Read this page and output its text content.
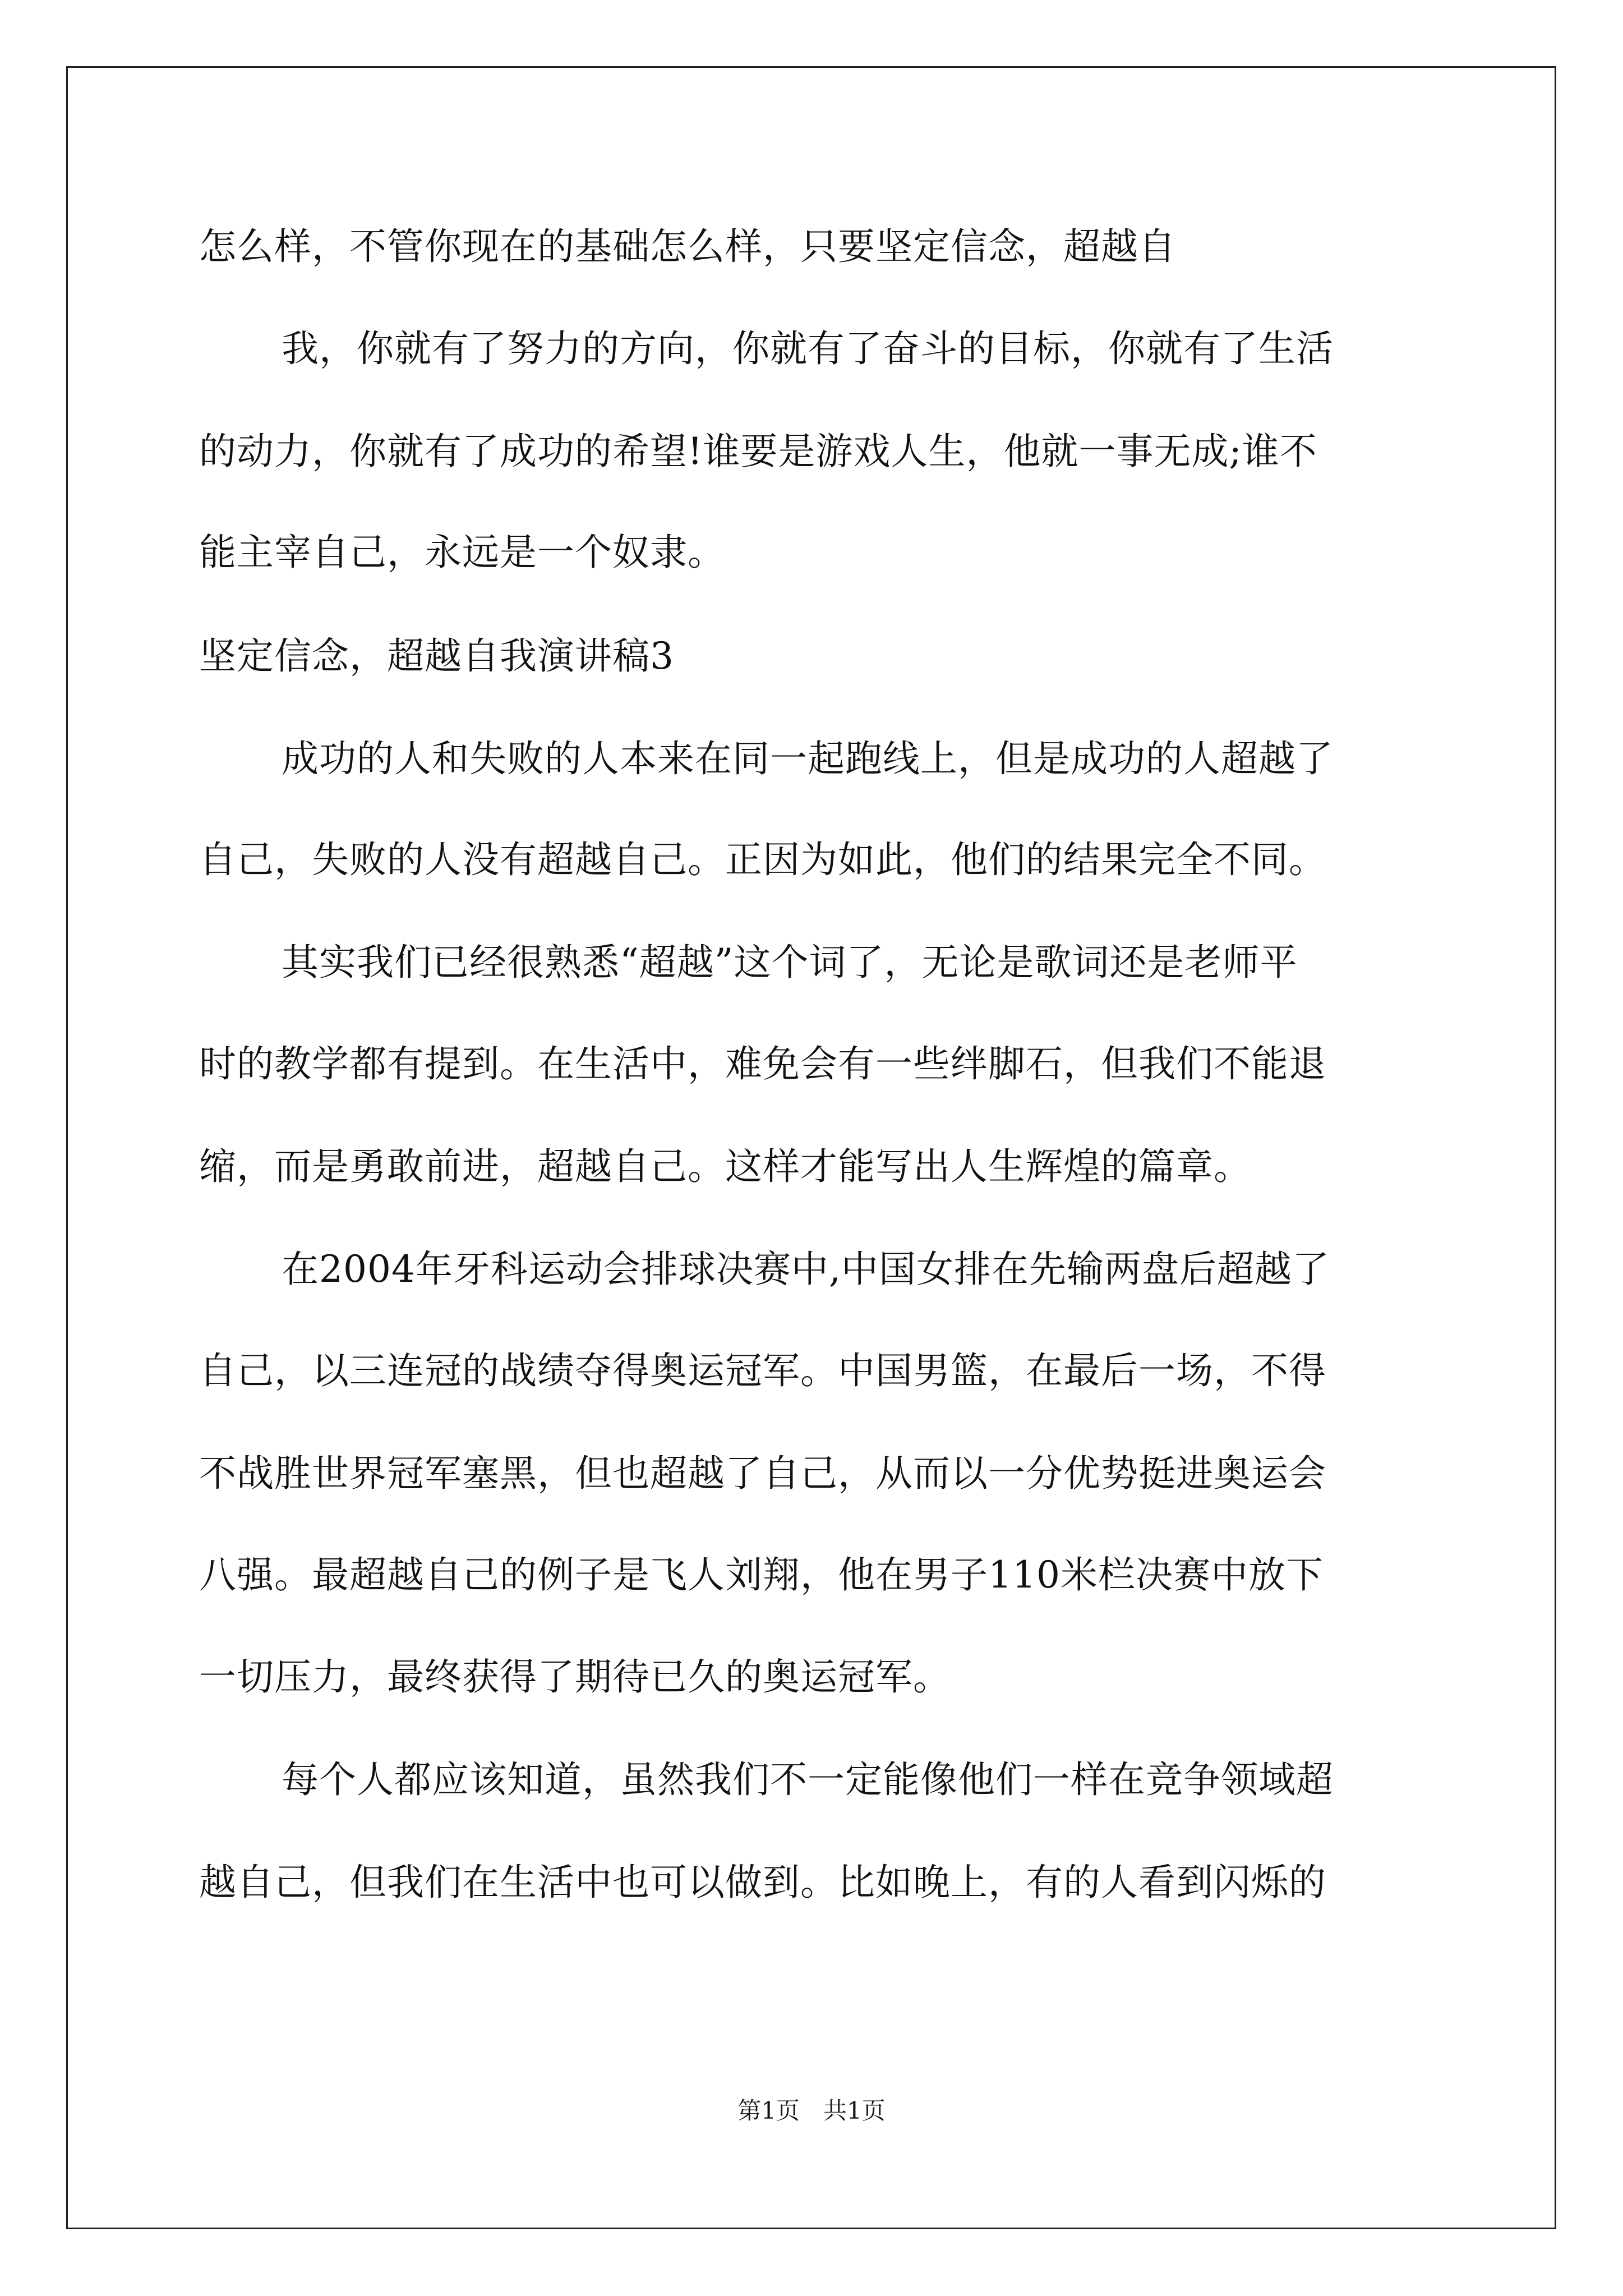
怎么样，不管你现在的基础怎么样，只要坚定信念，超越自
我，你就有了努力的方向，你就有了奋斗的目标，你就有了生活
的动力，你就有了成功的希望!谁要是游戏人生，他就一事无成;谁不
能主宰自己，永远是一个奴隶。
坚定信念，超越自我演讲稿3
成功的人和失败的人本来在同一起跑线上，但是成功的人超越了
自己，失败的人没有超越自己。正因为如此，他们的结果完全不同。
其实我们已经很熟悉“超越”这个词了，无论是歌词还是老师平
时的教学都有提到。在生活中，难免会有一些绊脚石，但我们不能退
缩，而是勇敢前进，超越自己。这样才能写出人生辉煌的篇章。
在2004年牙科运动会排球决赛中,中国女排在先输两盘后超越了
自己，以三连冠的战绩夺得奥运冠军。中国男篮，在最后一场，不得
不战胜世界冠军塞黑，但也超越了自己，从而以一分优势挺进奥运会
八强。最超越自己的例子是飞人刘翔，他在男子110米栏决赛中放下
一切压力，最终获得了期待已久的奥运冠军。
每个人都应该知道，虽然我们不一定能像他们一样在竞争领域超
越自己，但我们在生活中也可以做到。比如晚上，有的人看到闪烁的
第1页　共1页
